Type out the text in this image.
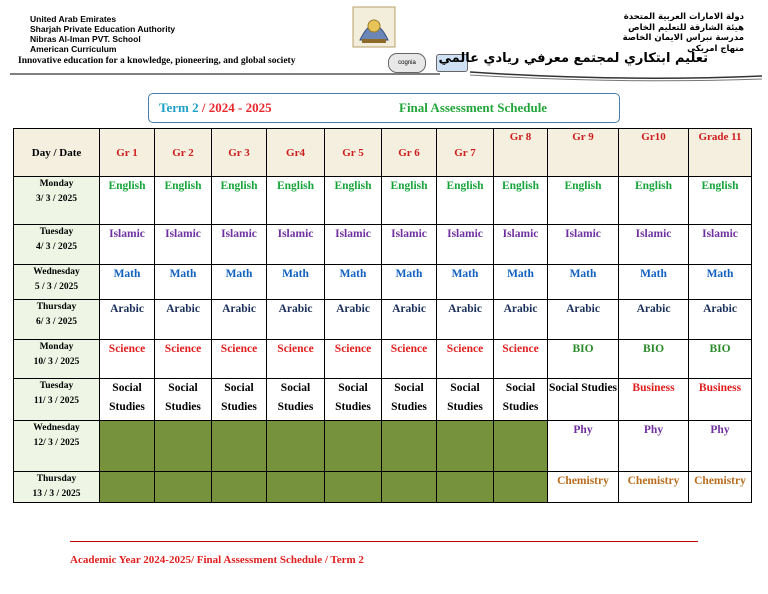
United Arab Emirates
Sharjah Private Education Authority
Nibras Al-Iman PVT. School
American Curriculum
دولة الامارات العربية المتحدة
هيئة الشارقة للتعليم الخاص
مدرسة نبراس الايمان الخاصة
منهاج امريكي
Innovative education for a knowledge, pioneering, and global society	cognia	تعليم ابتكاري لمجتمع معرفي ريادي عالمي
Term 2 / 2024 - 2025	Final Assessment Schedule
Day / Date	Gr 1	Gr 2	Gr 3	Gr4	Gr 5	Gr 6	Gr 7	Gr 8	Gr 9	Gr10	Grade 11

Monday
3/ 3 / 2025	English	English	English	English	English	English	English	English	English	English	English

Tuesday
4/ 3 / 2025	Islamic	Islamic	Islamic	Islamic	Islamic	Islamic	Islamic	Islamic	Islamic	Islamic	Islamic

Wednesday
5 / 3 / 2025	Math	Math	Math	Math	Math	Math	Math	Math	Math	Math	Math

Thursday
6/ 3 / 2025	Arabic	Arabic	Arabic	Arabic	Arabic	Arabic	Arabic	Arabic	Arabic	Arabic	Arabic

Monday
10/ 3 / 2025	Science	Science	Science	Science	Science	Science	Science	Science	BIO	BIO	BIO

Tuesday
11/ 3 / 2025	Social Studies	Social Studies	Social Studies	Social Studies	Social Studies	Social Studies	Social Studies	Social Studies	Social Studies	Business	Business

Wednesday
12/ 3 / 2025									Phy	Phy	Phy

Thursday
13 / 3 / 2025									Chemistry	Chemistry	Chemistry
Academic Year 2024-2025/ Final Assessment Schedule / Term 2
